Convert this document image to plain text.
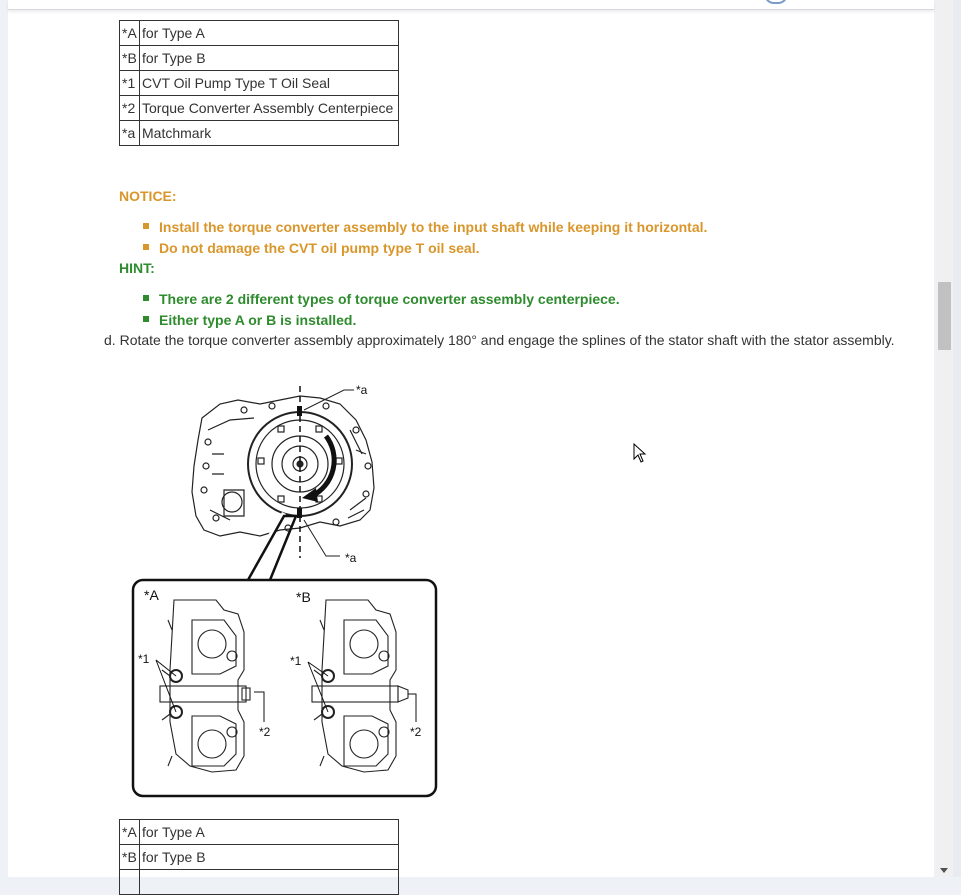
*A	for Type A
*B	for Type B
*1	CVT Oil Pump Type T Oil Seal
*2	Torque Converter Assembly Centerpiece
*a	Matchmark
NOTICE:
Install the torque converter assembly to the input shaft while keeping it horizontal.
Do not damage the CVT oil pump type T oil seal.
HINT:
There are 2 different types of torque converter assembly centerpiece.
Either type A or B is installed.
d. Rotate the torque converter assembly approximately 180° and engage the splines of the stator shaft with the stator assembly.
*a
*a
*A	*B
*1
*2
*1
*2
*A	for Type A
*B	for Type B
